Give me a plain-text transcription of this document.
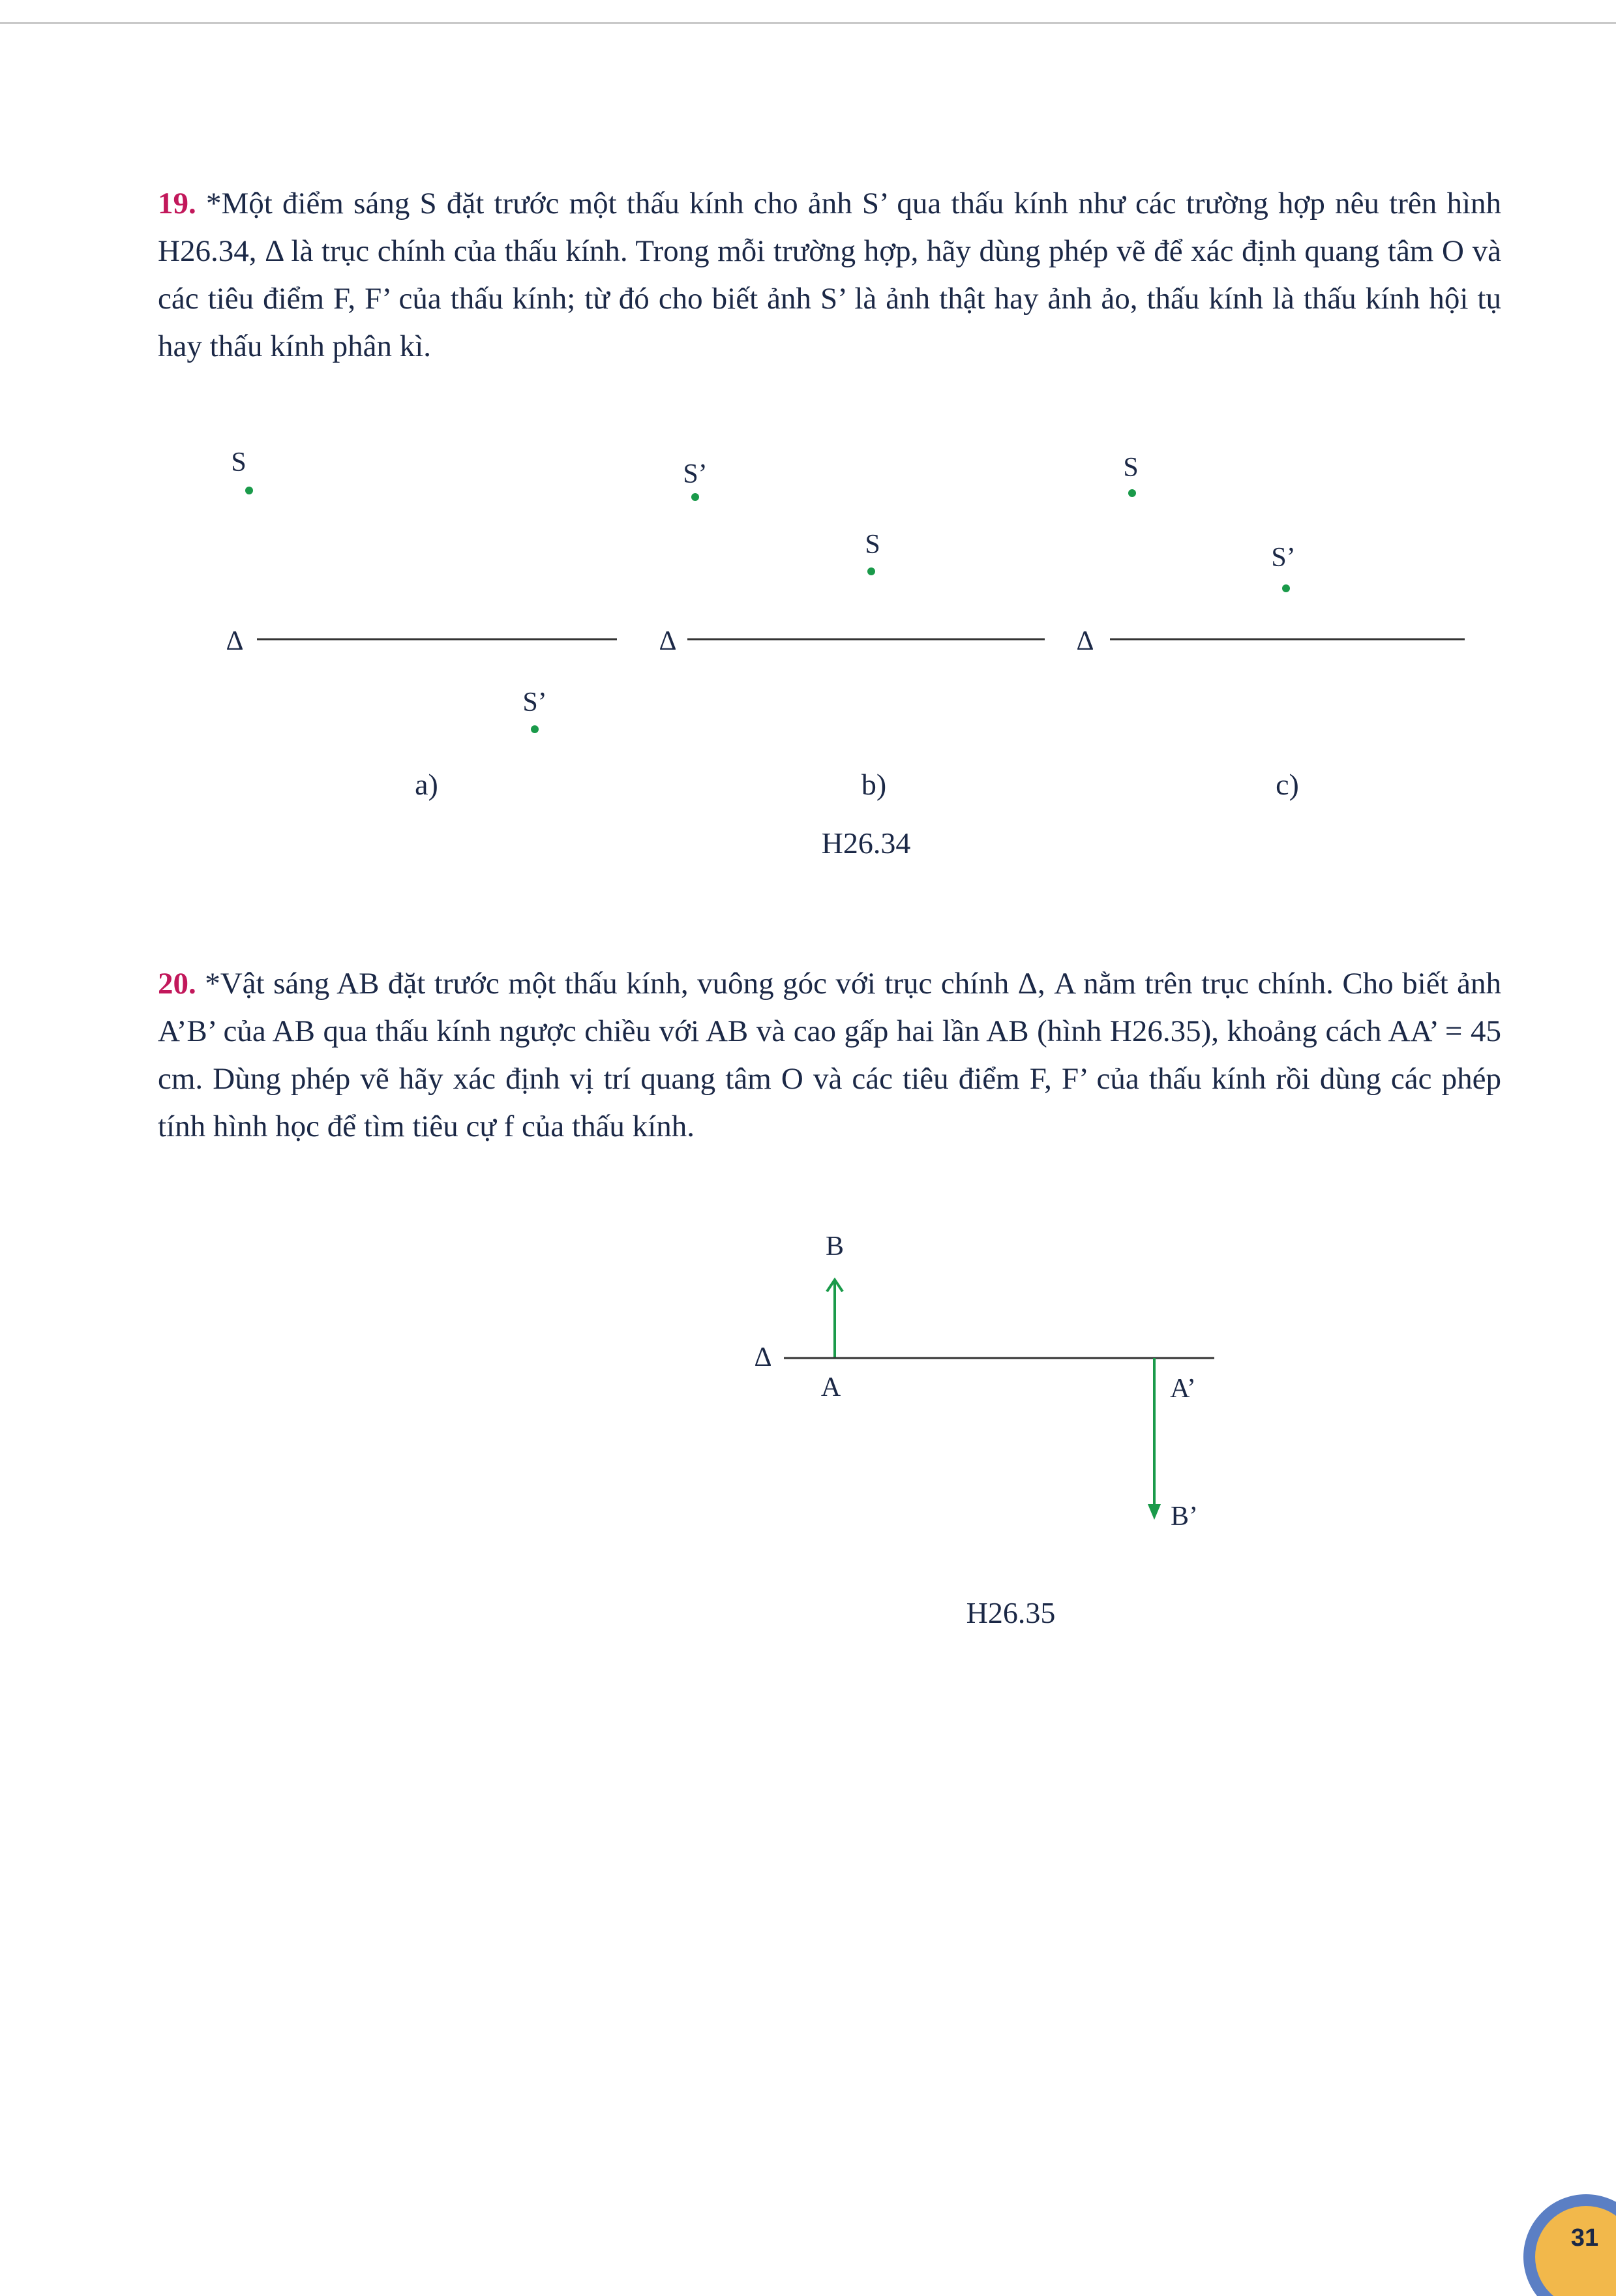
19. *Một điểm sáng S đặt trước một thấu kính cho ảnh S’ qua thấu kính như các trường hợp nêu trên hình H26.34, Δ là trục chính của thấu kính. Trong mỗi trường hợp, hãy dùng phép vẽ để xác định quang tâm O và các tiêu điểm F, F’ của thấu kính; từ đó cho biết ảnh S’ là ảnh thật hay ảnh ảo, thấu kính là thấu kính hội tụ hay thấu kính phân kì.

S
Δ
S’
a)
S’
S
Δ
b)
S
S’
Δ
c)
H26.34
B
Δ
A	A’
B’
H26.35

20. *Vật sáng AB đặt trước một thấu kính, vuông góc với trục chính Δ, A nằm trên trục chính. Cho biết ảnh A’B’ của AB qua thấu kính ngược chiều với AB và cao gấp hai lần AB (hình H26.35), khoảng cách AA’ = 45 cm. Dùng phép vẽ hãy xác định vị trí quang tâm O và các tiêu điểm F, F’ của thấu kính rồi dùng các phép tính hình học để tìm tiêu cự f của thấu kính.

31
